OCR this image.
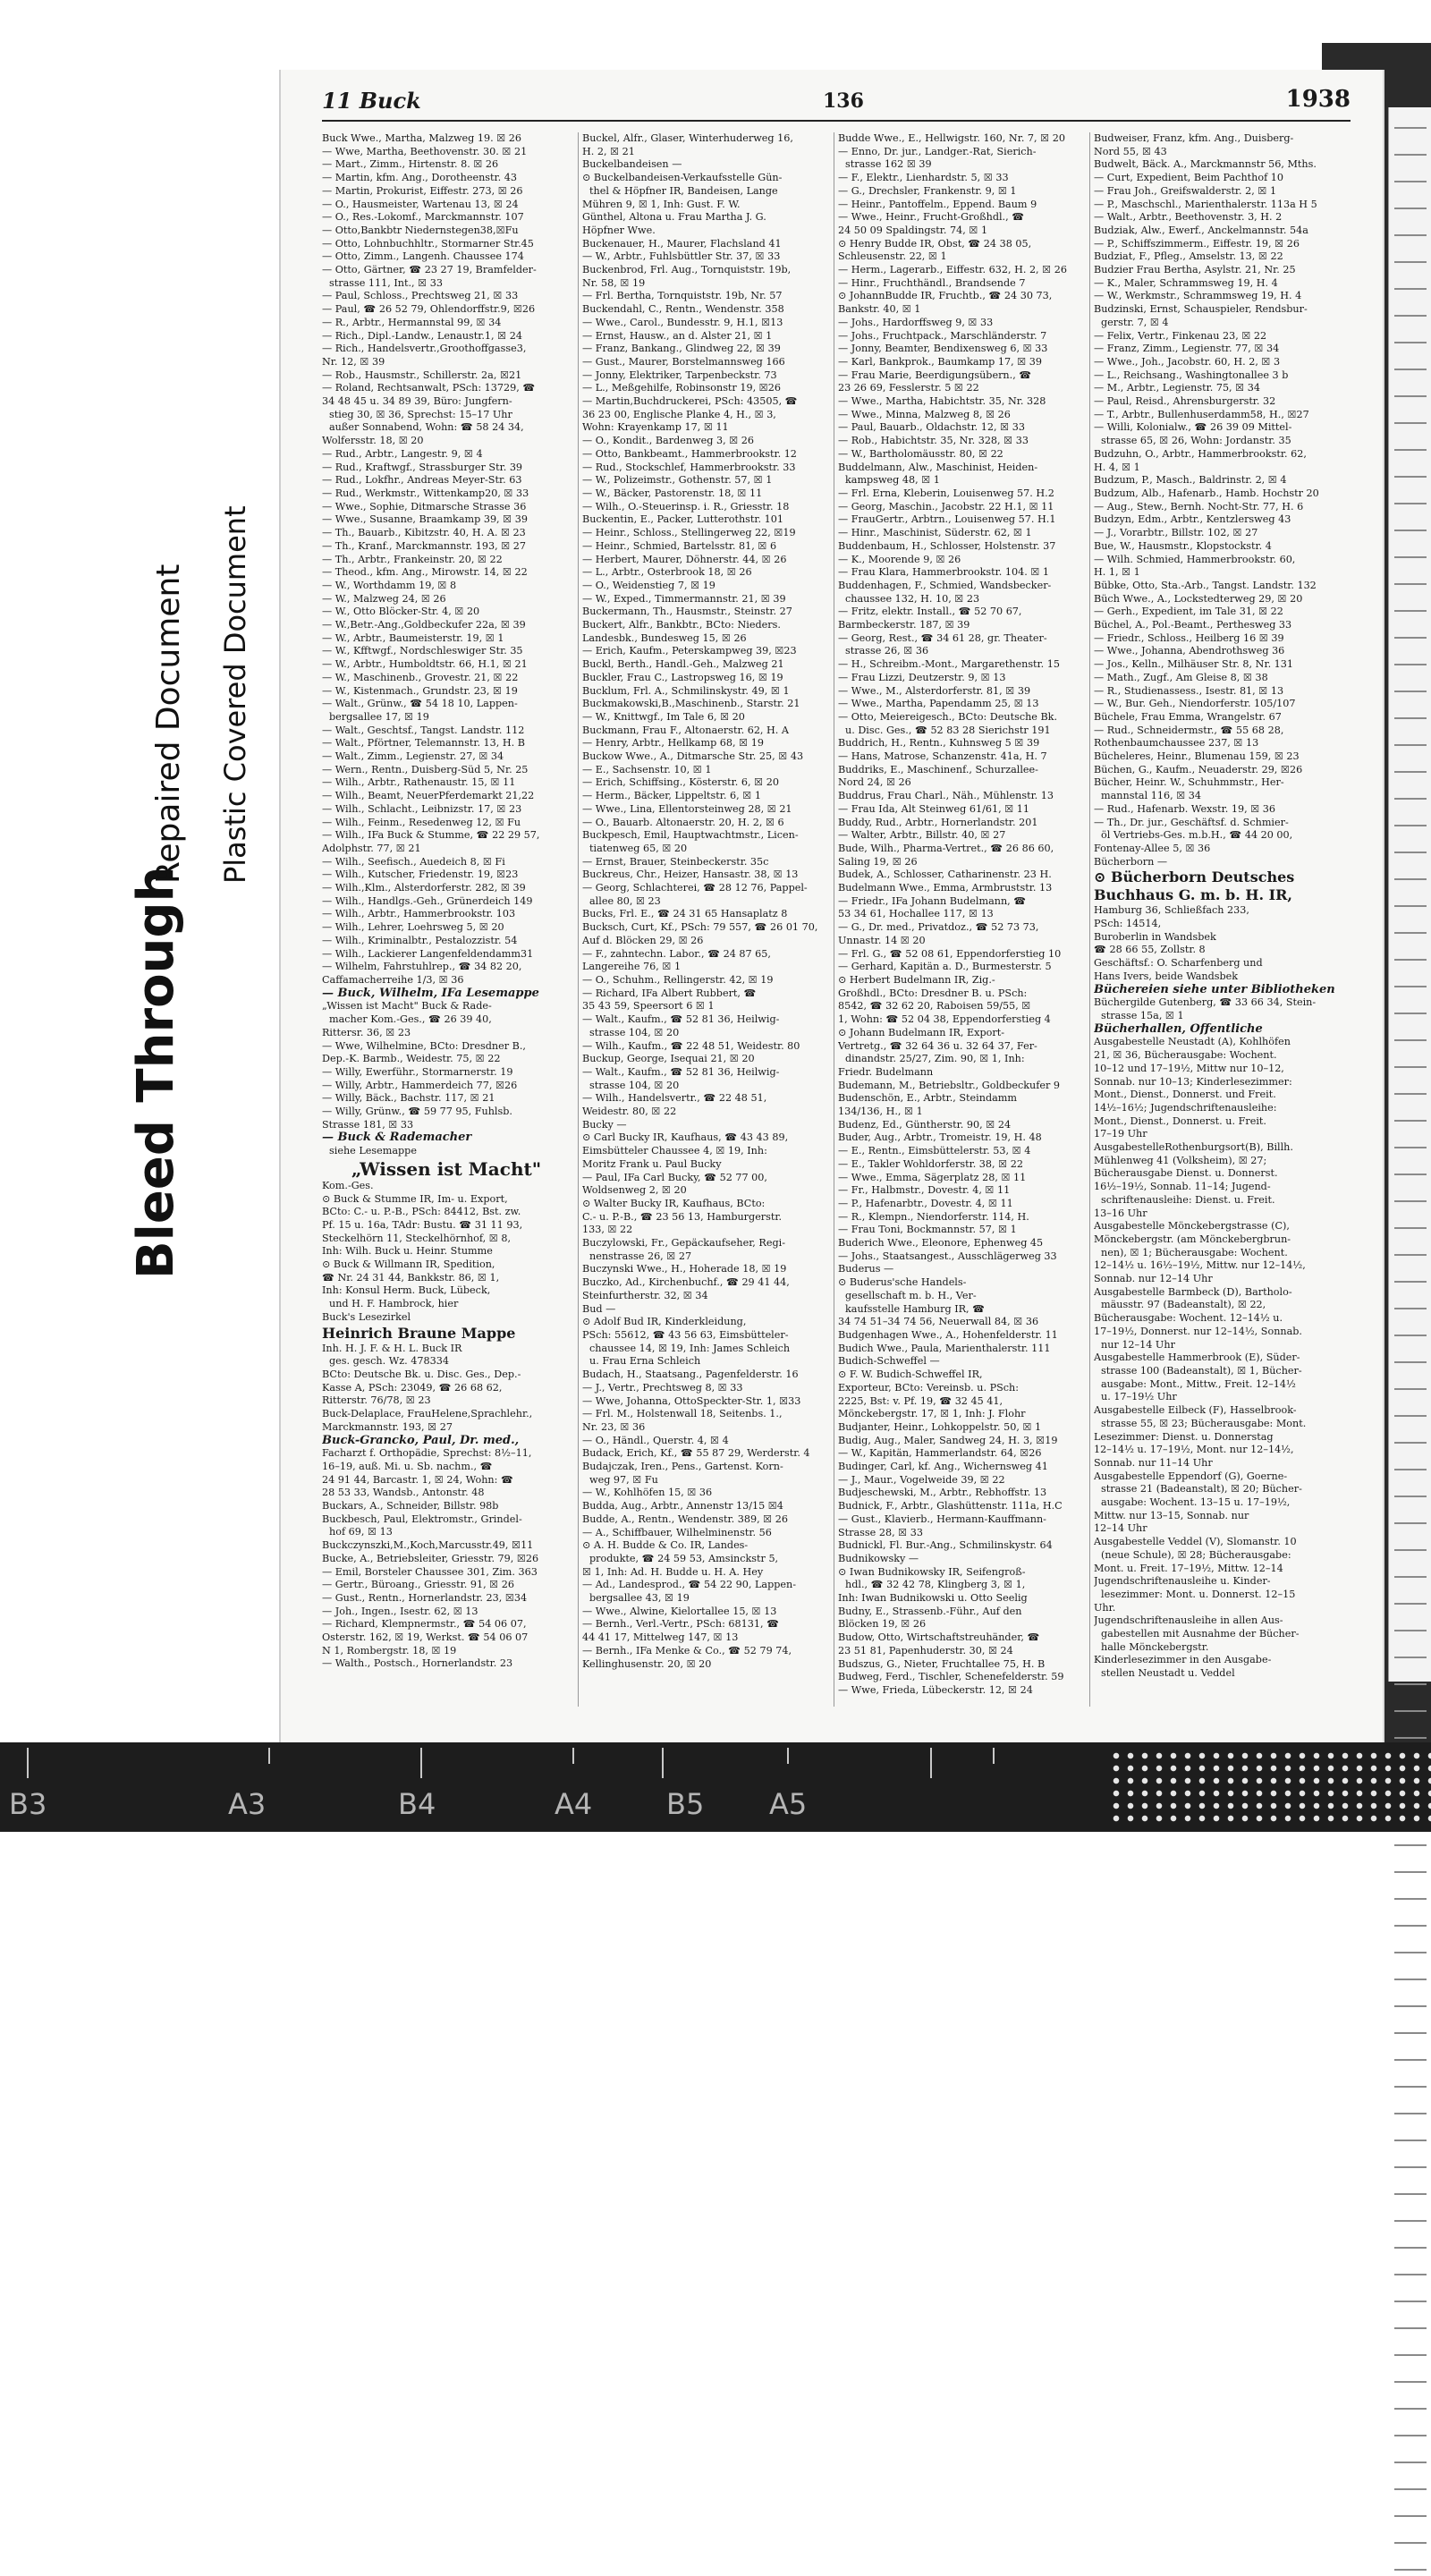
Bleed Through
Repaired Document Plastic Covered Document
11 Buck	136	1938
Buck Wwe., Martha, Malzweg 19. ☒ 26
— Wwe, Martha, Beethovenstr. 30. ☒ 21
— Mart., Zimm., Hirtenstr. 8. ☒ 26
— Martin, kfm. Ang., Dorotheenstr. 43
— Martin, Prokurist, Eiffestr. 273, ☒ 26
— O., Hausmeister, Wartenau 13, ☒ 24
— O., Res.-Lokomf., Marckmannstr. 107
— Otto,Bankbtr Niedernstegen38,☒Fu
— Otto, Lohnbuchhltr., Stormarner Str.45
— Otto, Zimm., Langenh. Chaussee 174
— Otto, Gärtner, ☎ 23 27 19, Bramfelder-
strasse 111, Int., ☒ 33
— Paul, Schloss., Prechtsweg 21, ☒ 33
— Paul, ☎ 26 52 79, Ohlendorffstr.9, ☒26
— R., Arbtr., Hermannstal 99, ☒ 34
— Rich., Dipl.-Landw., Lenaustr.1, ☒ 24
— Rich., Handelsvertr.,Groothoffgasse3,
Nr. 12, ☒ 39
— Rob., Hausmstr., Schillerstr. 2a, ☒21
— Roland, Rechtsanwalt, PSch: 13729, ☎
34 48 45 u. 34 89 39, Büro: Jungfern-
stieg 30, ☒ 36, Sprechst: 15–17 Uhr
außer Sonnabend, Wohn: ☎ 58 24 34,
Wolfersstr. 18, ☒ 20
— Rud., Arbtr., Langestr. 9, ☒ 4
— Rud., Kraftwgf., Strassburger Str. 39
— Rud., Lokfhr., Andreas Meyer-Str. 63
— Rud., Werkmstr., Wittenkamp20, ☒ 33
— Wwe., Sophie, Ditmarsche Strasse 36
— Wwe., Susanne, Braamkamp 39, ☒ 39
— Th., Bauarb., Kibitzstr. 40, H. A. ☒ 23
— Th., Kranf., Marckmannstr. 193, ☒ 27
— Th., Arbtr., Frankeinstr. 20, ☒ 22
— Theod., kfm. Ang., Mirowstr. 14, ☒ 22
— W., Worthdamm 19, ☒ 8
— W., Malzweg 24, ☒ 26
— W., Otto Blöcker-Str. 4, ☒ 20
— W.,Betr.-Ang.,Goldbeckufer 22a, ☒ 39
— W., Arbtr., Baumeisterstr. 19, ☒ 1
— W., Kfftwgf., Nordschleswiger Str. 35
— W., Arbtr., Humboldtstr. 66, H.1, ☒ 21
— W., Maschinenb., Grovestr. 21, ☒ 22
— W., Kistenmach., Grundstr. 23, ☒ 19
— Walt., Grünw., ☎ 54 18 10, Lappen-
bergsallee 17, ☒ 19
— Walt., Geschtsf., Tangst. Landstr. 112
— Walt., Pförtner, Telemannstr. 13, H. B
— Walt., Zimm., Legienstr. 27, ☒ 34
— Wern., Rentn., Duisberg-Süd 5, Nr. 25
— Wilh., Arbtr., Rathenaustr. 15, ☒ 11
— Wilh., Beamt, NeuerPferdemarkt 21,22
— Wilh., Schlacht., Leibnizstr. 17, ☒ 23
— Wilh., Feinm., Resedenweg 12, ☒ Fu
— Wilh., IFa Buck & Stumme, ☎ 22 29 57,
Adolphstr. 77, ☒ 21
— Wilh., Seefisch., Auedeich 8, ☒ Fi
— Wilh., Kutscher, Friedenstr. 19, ☒23
— Wilh.,Klm., Alsterdorferstr. 282, ☒ 39
— Wilh., Handlgs.-Geh., Grünerdeich 149
— Wilh., Arbtr., Hammerbrookstr. 103
— Wilh., Lehrer, Loehrsweg 5, ☒ 20
— Wilh., Kriminalbtr., Pestalozzistr. 54
— Wilh., Lackierer Langenfeldendamm31
— Wilhelm, Fahrstuhlrep., ☎ 34 82 20,
Caffamacherreihe 1/3, ☒ 36
— Buck, Wilhelm, IFa Lesemappe
„Wissen ist Macht" Buck & Rade-
macher Kom.-Ges., ☎ 26 39 40,
Rittersr. 36, ☒ 23
— Wwe, Wilhelmine, BCto: Dresdner B.,
Dep.-K. Barmb., Weidestr. 75, ☒ 22
— Willy, Ewerführ., Stormarnerstr. 19
— Willy, Arbtr., Hammerdeich 77, ☒26
— Willy, Bäck., Bachstr. 117, ☒ 21
— Willy, Grünw., ☎ 59 77 95, Fuhlsb.
Strasse 181, ☒ 33
— Buck & Rademacher
siehe Lesemappe
„Wissen ist Macht"
Kom.-Ges.
⊙ Buck & Stumme IR, Im- u. Export,
BCto: C.- u. P.-B., PSch: 84412, Bst. zw.
Pf. 15 u. 16a, TAdr: Bustu. ☎ 31 11 93,
Steckelhörn 11, Steckelhörnhof, ☒ 8,
Inh: Wilh. Buck u. Heinr. Stumme
⊙ Buck & Willmann IR, Spedition,
☎ Nr. 24 31 44, Bankkstr. 86, ☒ 1,
Inh: Konsul Herm. Buck, Lübeck,
und H. F. Hambrock, hier
Buck's Lesezirkel
Heinrich Braune Mappe
Inh. H. J. F. & H. L. Buck IR
ges. gesch. Wz. 478334
BCto: Deutsche Bk. u. Disc. Ges., Dep.-
Kasse A, PSch: 23049, ☎ 26 68 62,
Ritterstr. 76/78, ☒ 23
Buck-Delaplace, FrauHelene,Sprachlehr.,
Marckmannstr. 193, ☒ 27
Buck-Grancko, Paul, Dr. med.,
Facharzt f. Orthopädie, Sprechst: 8½–11,
16–19, auß. Mi. u. Sb. nachm., ☎
24 91 44, Barcastr. 1, ☒ 24, Wohn: ☎
28 53 33, Wandsb., Antonstr. 48
Buckars, A., Schneider, Billstr. 98b
Buckbesch, Paul, Elektromstr., Grindel-
hof 69, ☒ 13
Buckczynszki,M.,Koch,Marcusstr.49, ☒11
Bucke, A., Betriebsleiter, Griesstr. 79, ☒26
— Emil, Borsteler Chaussee 301, Zim. 363
— Gertr., Büroang., Griesstr. 91, ☒ 26
— Gust., Rentn., Hornerlandstr. 23, ☒34
— Joh., Ingen., Isestr. 62, ☒ 13
— Richard, Klempnermstr., ☎ 54 06 07,
Osterstr. 162, ☒ 19, Werkst. ☎ 54 06 07
N 1, Rombergstr. 18, ☒ 19
— Walth., Postsch., Hornerlandstr. 23
Buckel, Alfr., Glaser, Winterhuderweg 16,
H. 2, ☒ 21
Buckelbandeisen —
⊙ Buckelbandeisen-Verkaufsstelle Gün-
thel & Höpfner IR, Bandeisen, Lange
Mühren 9, ☒ 1, Inh: Gust. F. W.
Günthel, Altona u. Frau Martha J. G.
Höpfner Wwe.
Buckenauer, H., Maurer, Flachsland 41
— W., Arbtr., Fuhlsbüttler Str. 37, ☒ 33
Buckenbrod, Frl. Aug., Tornquiststr. 19b,
Nr. 58, ☒ 19
— Frl. Bertha, Tornquiststr. 19b, Nr. 57
Buckendahl, C., Rentn., Wendenstr. 358
— Wwe., Carol., Bundesstr. 9, H.1, ☒13
— Ernst, Hausw., an d. Alster 21, ☒ 1
— Franz, Bankang., Glindweg 22, ☒ 39
— Gust., Maurer, Borstelmannsweg 166
— Jonny, Elektriker, Tarpenbeckstr. 73
— L., Meßgehilfe, Robinsonstr 19, ☒26
— Martin,Buchdruckerei, PSch: 43505, ☎
36 23 00, Englische Planke 4, H., ☒ 3,
Wohn: Krayenkamp 17, ☒ 11
— O., Kondit., Bardenweg 3, ☒ 26
— Otto, Bankbeamt., Hammerbrookstr. 12
— Rud., Stockschlef, Hammerbrookstr. 33
— W., Polizeimstr., Gothenstr. 57, ☒ 1
— W., Bäcker, Pastorenstr. 18, ☒ 11
— Wilh., O.-Steuerinsp. i. R., Griesstr. 18
Buckentin, E., Packer, Lutterothstr. 101
— Heinr., Schloss., Stellingerweg 22, ☒19
— Heinr., Schmied, Bartelsstr. 81, ☒ 6
— Herbert, Maurer, Döhnerstr. 44, ☒ 26
— L., Arbtr., Osterbrook 18, ☒ 26
— O., Weidenstieg 7, ☒ 19
— W., Exped., Timmermannstr. 21, ☒ 39
Buckermann, Th., Hausmstr., Steinstr. 27
Buckert, Alfr., Bankbtr., BCto: Nieders.
Landesbk., Bundesweg 15, ☒ 26
— Erich, Kaufm., Peterskampweg 39, ☒23
Buckl, Berth., Handl.-Geh., Malzweg 21
Buckler, Frau C., Lastropsweg 16, ☒ 19
Bucklum, Frl. A., Schmilinskystr. 49, ☒ 1
Buckmakowski,B.,Maschinenb., Starstr. 21
— W., Knittwgf., Im Tale 6, ☒ 20
Buckmann, Frau F., Altonaerstr. 62, H. A
— Henry, Arbtr., Hellkamp 68, ☒ 19
Buckow Wwe., A., Ditmarsche Str. 25, ☒ 43
— E., Sachsenstr. 10, ☒ 1
— Erich, Schiffsing., Kösterstr. 6, ☒ 20
— Herm., Bäcker, Lippeltstr. 6, ☒ 1
— Wwe., Lina, Ellentorsteinweg 28, ☒ 21
— O., Bauarb. Altonaerstr. 20, H. 2, ☒ 6
Buckpesch, Emil, Hauptwachtmstr., Licen-
tiatenweg 65, ☒ 20
— Ernst, Brauer, Steinbeckerstr. 35c
Buckreus, Chr., Heizer, Hansastr. 38, ☒ 13
— Georg, Schlachterei, ☎ 28 12 76, Pappel-
allee 80, ☒ 23
Bucks, Frl. E., ☎ 24 31 65 Hansaplatz 8
Bucksch, Curt, Kf., PSch: 79 557, ☎ 26 01 70,
Auf d. Blöcken 29, ☒ 26
— F., zahntechn. Labor., ☎ 24 87 65,
Langereihe 76, ☒ 1
— O., Schuhm., Rellingerstr. 42, ☒ 19
— Richard, IFa Albert Rubbert, ☎
35 43 59, Speersort 6 ☒ 1
— Walt., Kaufm., ☎ 52 81 36, Heilwig-
strasse 104, ☒ 20
— Wilh., Kaufm., ☎ 22 48 51, Weidestr. 80
Buckup, George, Isequai 21, ☒ 20
— Walt., Kaufm., ☎ 52 81 36, Heilwig-
strasse 104, ☒ 20
— Wilh., Handelsvertr., ☎ 22 48 51,
Weidestr. 80, ☒ 22
Bucky —
⊙ Carl Bucky IR, Kaufhaus, ☎ 43 43 89,
Eimsbütteler Chaussee 4, ☒ 19, Inh:
Moritz Frank u. Paul Bucky
— Paul, IFa Carl Bucky, ☎ 52 77 00,
Woldsenweg 2, ☒ 20
⊙ Walter Bucky IR, Kaufhaus, BCto:
C.- u. P.-B., ☎ 23 56 13, Hamburgerstr.
133, ☒ 22
Buczylowski, Fr., Gepäckaufseher, Regi-
nenstrasse 26, ☒ 27
Buczynski Wwe., H., Hoherade 18, ☒ 19
Buczko, Ad., Kirchenbuchf., ☎ 29 41 44,
Steinfurtherstr. 32, ☒ 34
Bud —
⊙ Adolf Bud IR, Kinderkleidung,
PSch: 55612, ☎ 43 56 63, Eimsbütteler-
chaussee 14, ☒ 19, Inh: James Schleich
u. Frau Erna Schleich
Budach, H., Staatsang., Pagenfelderstr. 16
— J., Vertr., Prechtsweg 8, ☒ 33
— Wwe, Johanna, OttoSpeckter-Str. 1, ☒33
— Frl. M., Holstenwall 18, Seitenbs. 1.,
Nr. 23, ☒ 36
— O., Händl., Querstr. 4, ☒ 4
Budack, Erich, Kf., ☎ 55 87 29, Werderstr. 4
Budajczak, Iren., Pens., Gartenst. Korn-
weg 97, ☒ Fu
— W., Kohlhöfen 15, ☒ 36
Budda, Aug., Arbtr., Annenstr 13/15 ☒4
Budde, A., Rentn., Wendenstr. 389, ☒ 26
— A., Schiffbauer, Wilhelminenstr. 56
⊙ A. H. Budde & Co. IR, Landes-
produkte, ☎ 24 59 53, Amsinckstr 5,
☒ 1, Inh: Ad. H. Budde u. H. A. Hey
— Ad., Landesprod., ☎ 54 22 90, Lappen-
bergsallee 43, ☒ 19
— Wwe., Alwine, Kielortallee 15, ☒ 13
— Bernh., Verl.-Vertr., PSch: 68131, ☎
44 41 17, Mittelweg 147, ☒ 13
— Bernh., IFa Menke & Co., ☎ 52 79 74,
Kellinghusenstr. 20, ☒ 20
Budde Wwe., E., Hellwigstr. 160, Nr. 7, ☒ 20
— Enno, Dr. jur., Landger.-Rat, Sierich-
strasse 162 ☒ 39
— F., Elektr., Lienhardstr. 5, ☒ 33
— G., Drechsler, Frankenstr. 9, ☒ 1
— Heinr., Pantoffelm., Eppend. Baum 9
— Wwe., Heinr., Frucht-Großhdl., ☎
24 50 09 Spaldingstr. 74, ☒ 1
⊙ Henry Budde IR, Obst, ☎ 24 38 05,
Schleusenstr. 22, ☒ 1
— Herm., Lagerarb., Eiffestr. 632, H. 2, ☒ 26
— Hinr., Fruchthändl., Brandsende 7
⊙ JohannBudde IR, Fruchtb., ☎ 24 30 73,
Bankstr. 40, ☒ 1
— Johs., Hardorffsweg 9, ☒ 33
— Johs., Fruchtpack., Marschländerstr. 7
— Jonny, Beamter, Bendixensweg 6, ☒ 33
— Karl, Bankprok., Baumkamp 17, ☒ 39
— Frau Marie, Beerdigungsübern., ☎
23 26 69, Fesslerstr. 5 ☒ 22
— Wwe., Martha, Habichtstr. 35, Nr. 328
— Wwe., Minna, Malzweg 8, ☒ 26
— Paul, Bauarb., Oldachstr. 12, ☒ 33
— Rob., Habichtstr. 35, Nr. 328, ☒ 33
— W., Bartholomäusstr. 80, ☒ 22
Buddelmann, Alw., Maschinist, Heiden-
kampsweg 48, ☒ 1
— Frl. Erna, Kleberin, Louisenweg 57. H.2
— Georg, Maschin., Jacobstr. 22 H.1, ☒ 11
— FrauGertr., Arbtrn., Louisenweg 57. H.1
— Hinr., Maschinist, Süderstr. 62, ☒ 1
Buddenbaum, H., Schlosser, Holstenstr. 37
— K., Moorende 9, ☒ 26
— Frau Klara, Hammerbrookstr. 104. ☒ 1
Buddenhagen, F., Schmied, Wandsbecker-
chaussee 132, H. 10, ☒ 23
— Fritz, elektr. Install., ☎ 52 70 67,
Barmbeckerstr. 187, ☒ 39
— Georg, Rest., ☎ 34 61 28, gr. Theater-
strasse 26, ☒ 36
— H., Schreibm.-Mont., Margarethenstr. 15
— Frau Lizzi, Deutzerstr. 9, ☒ 13
— Wwe., M., Alsterdorferstr. 81, ☒ 39
— Wwe., Martha, Papendamm 25, ☒ 13
— Otto, Meiereigesch., BCto: Deutsche Bk.
u. Disc. Ges., ☎ 52 83 28 Sierichstr 191
Buddrich, H., Rentn., Kuhnsweg 5 ☒ 39
— Hans, Matrose, Schanzenstr. 41a, H. 7
Buddriks, E., Maschinenf., Schurzallee-
Nord 24, ☒ 26
Buddrus, Frau Charl., Näh., Mühlenstr. 13
— Frau Ida, Alt Steinweg 61/61, ☒ 11
Buddy, Rud., Arbtr., Hornerlandstr. 201
— Walter, Arbtr., Billstr. 40, ☒ 27
Bude, Wilh., Pharma-Vertret., ☎ 26 86 60,
Saling 19, ☒ 26
Budek, A., Schlosser, Catharinenstr. 23 H.
Budelmann Wwe., Emma, Armbruststr. 13
— Friedr., IFa Johann Budelmann, ☎
53 34 61, Hochallee 117, ☒ 13
— G., Dr. med., Privatdoz., ☎ 52 73 73,
Unnastr. 14 ☒ 20
— Frl. G., ☎ 52 08 61, Eppendorferstieg 10
— Gerhard, Kapitän a. D., Burmesterstr. 5
⊙ Herbert Budelmann IR, Zig.-
Großhdl., BCto: Dresdner B. u. PSch:
8542, ☎ 32 62 20, Raboisen 59/55, ☒
1, Wohn: ☎ 52 04 38, Eppendorferstieg 4
⊙ Johann Budelmann IR, Export-
Vertretg., ☎ 32 64 36 u. 32 64 37, Fer-
dinandstr. 25/27, Zim. 90, ☒ 1, Inh:
Friedr. Budelmann
Budemann, M., Betriebsltr., Goldbeckufer 9
Budenschön, E., Arbtr., Steindamm
134/136, H., ☒ 1
Budenz, Ed., Güntherstr. 90, ☒ 24
Buder, Aug., Arbtr., Tromeistr. 19, H. 48
— E., Rentn., Eimsbüttelerstr. 53, ☒ 4
— E., Takler Wohldorferstr. 38, ☒ 22
— Wwe., Emma, Sägerplatz 28, ☒ 11
— Fr., Halbmstr., Dovestr. 4, ☒ 11
— P., Hafenarbtr., Dovestr. 4, ☒ 11
— R., Klempn., Niendorferstr. 114, H.
— Frau Toni, Bockmannstr. 57, ☒ 1
Buderich Wwe., Eleonore, Ephenweg 45
— Johs., Staatsangest., Ausschlägerweg 33
Buderus —
⊙ Buderus'sche Handels-
gesellschaft m. b. H., Ver-
kaufsstelle Hamburg IR, ☎
34 74 51–34 74 56, Neuerwall 84, ☒ 36
Budgenhagen Wwe., A., Hohenfelderstr. 11
Budich Wwe., Paula, Marienthalerstr. 111
Budich-Schweffel —
⊙ F. W. Budich-Schweffel IR,
Exporteur, BCto: Vereinsb. u. PSch:
2225, Bst: v. Pf. 19, ☎ 32 45 41,
Mönckebergstr. 17, ☒ 1, Inh: J. Flohr
Budjanter, Heinr., Lohkoppelstr. 50, ☒ 1
Budig, Aug., Maler, Sandweg 24, H. 3, ☒19
— W., Kapitän, Hammerlandstr. 64, ☒26
Budinger, Carl, kf. Ang., Wichernsweg 41
— J., Maur., Vogelweide 39, ☒ 22
Budjeschewski, M., Arbtr., Rebhoffstr. 13
Budnick, F., Arbtr., Glashüttenstr. 111a, H.C
— Gust., Klavierb., Hermann-Kauffmann-
Strasse 28, ☒ 33
Budnickl, Fl. Bur.-Ang., Schmilinskystr. 64
Budnikowsky —
⊙ Iwan Budnikowsky IR, Seifengroß-
hdl., ☎ 32 42 78, Klingberg 3, ☒ 1,
Inh: Iwan Budnikowski u. Otto Seelig
Budny, E., Strassenb.-Führ., Auf den
Blöcken 19, ☒ 26
Budow, Otto, Wirtschaftstreuhänder, ☎
23 51 81, Papenhuderstr. 30, ☒ 24
Budszus, G., Nieter, Fruchtallee 75, H. B
Budweg, Ferd., Tischler, Schenefelderstr. 59
— Wwe, Frieda, Lübeckerstr. 12, ☒ 24
Budweiser, Franz, kfm. Ang., Duisberg-
Nord 55, ☒ 43
Budwelt, Bäck. A., Marckmannstr 56, Mths.
— Curt, Expedient, Beim Pachthof 10
— Frau Joh., Greifswalderstr. 2, ☒ 1
— P., Maschschl., Marienthalerstr. 113a H 5
— Walt., Arbtr., Beethovenstr. 3, H. 2
Budziak, Alw., Ewerf., Anckelmannstr. 54a
— P., Schiffszimmerm., Eiffestr. 19, ☒ 26
Budziat, F., Pfleg., Amselstr. 13, ☒ 22
Budzier Frau Bertha, Asylstr. 21, Nr. 25
— K., Maler, Schrammsweg 19, H. 4
— W., Werkmstr., Schrammsweg 19, H. 4
Budzinski, Ernst, Schauspieler, Rendsbur-
gerstr. 7, ☒ 4
— Felix, Vertr., Finkenau 23, ☒ 22
— Franz, Zimm., Legienstr. 77, ☒ 34
— Wwe., Joh., Jacobstr. 60, H. 2, ☒ 3
— L., Reichsang., Washingtonallee 3 b
— M., Arbtr., Legienstr. 75, ☒ 34
— Paul, Reisd., Ahrensburgerstr. 32
— T., Arbtr., Bullenhuserdamm58, H., ☒27
— Willi, Kolonialw., ☎ 26 39 09 Mittel-
strasse 65, ☒ 26, Wohn: Jordanstr. 35
Budzuhn, O., Arbtr., Hammerbrookstr. 62,
H. 4, ☒ 1
Budzum, P., Masch., Baldrinstr. 2, ☒ 4
Budzum, Alb., Hafenarb., Hamb. Hochstr 20
— Aug., Stew., Bernh. Nocht-Str. 77, H. 6
Budzyn, Edm., Arbtr., Kentzlersweg 43
— J., Vorarbtr., Billstr. 102, ☒ 27
Bue, W., Hausmstr., Klopstockstr. 4
— Wilh. Schmied, Hammerbrookstr. 60,
H. 1, ☒ 1
Bübke, Otto, Sta.-Arb., Tangst. Landstr. 132
Büch Wwe., A., Lockstedterweg 29, ☒ 20
— Gerh., Expedient, im Tale 31, ☒ 22
Büchel, A., Pol.-Beamt., Perthesweg 33
— Friedr., Schloss., Heilberg 16 ☒ 39
— Wwe., Johanna, Abendrothsweg 36
— Jos., Kelln., Milhäuser Str. 8, Nr. 131
— Math., Zugf., Am Gleise 8, ☒ 38
— R., Studienassess., Isestr. 81, ☒ 13
— W., Bur. Geh., Niendorferstr. 105/107
Büchele, Frau Emma, Wrangelstr. 67
— Rud., Schneidermstr., ☎ 55 68 28,
Rothenbaumchaussee 237, ☒ 13
Bücheleres, Heinr., Blumenau 159, ☒ 23
Büchen, G., Kaufm., Neuaderstr. 29, ☒26
Bücher, Heinr. W., Schuhmmstr., Her-
mannstal 116, ☒ 34
— Rud., Hafenarb. Wexstr. 19, ☒ 36
— Th., Dr. jur., Geschäftsf. d. Schmier-
öl Vertriebs-Ges. m.b.H., ☎ 44 20 00,
Fontenay-Allee 5, ☒ 36
Bücherborn —
⊙ Bücherborn Deutsches
Buchhaus G. m. b. H. IR,
Hamburg 36, Schließfach 233,
PSch: 14514,
Buroberlin in Wandsbek
☎ 28 66 55, Zollstr. 8
Geschäftsf.: O. Scharfenberg und
Hans Ivers, beide Wandsbek
Büchereien siehe unter Bibliotheken
Büchergilde Gutenberg, ☎ 33 66 34, Stein-
strasse 15a, ☒ 1
Bücherhallen, Öffentliche
Ausgabestelle Neustadt (A), Kohlhöfen
21, ☒ 36, Bücherausgabe: Wochent.
10–12 und 17–19½, Mittw nur 10–12,
Sonnab. nur 10–13; Kinderlesezimmer:
Mont., Dienst., Donnerst. und Freit.
14½–16½; Jugendschriftenausleihe:
Mont., Dienst., Donnerst. u. Freit.
17–19 Uhr
AusgabestelleRothenburgsort(B), Billh.
Mühlenweg 41 (Volksheim), ☒ 27;
Bücherausgabe Dienst. u. Donnerst.
16½–19½, Sonnab. 11–14; Jugend-
schriftenausleihe: Dienst. u. Freit.
13–16 Uhr
Ausgabestelle Mönckebergstrasse (C),
Mönckebergstr. (am Mönckebergbrun-
nen), ☒ 1; Bücherausgabe: Wochent.
12–14½ u. 16½–19½, Mittw. nur 12–14½,
Sonnab. nur 12–14 Uhr
Ausgabestelle Barmbeck (D), Bartholo-
mäusstr. 97 (Badeanstalt), ☒ 22,
Bücherausgabe: Wochent. 12–14½ u.
17–19½, Donnerst. nur 12–14½, Sonnab.
nur 12–14 Uhr
Ausgabestelle Hammerbrook (E), Süder-
strasse 100 (Badeanstalt), ☒ 1, Bücher-
ausgabe: Mont., Mittw., Freit. 12–14½
u. 17–19½ Uhr
Ausgabestelle Eilbeck (F), Hasselbrook-
strasse 55, ☒ 23; Bücherausgabe: Mont.
Lesezimmer: Dienst. u. Donnerstag
12–14½ u. 17–19½, Mont. nur 12–14½,
Sonnab. nur 11–14 Uhr
Ausgabestelle Eppendorf (G), Goerne-
strasse 21 (Badeanstalt), ☒ 20; Bücher-
ausgabe: Wochent. 13–15 u. 17–19½,
Mittw. nur 13–15, Sonnab. nur
12–14 Uhr
Ausgabestelle Veddel (V), Slomanstr. 10
(neue Schule), ☒ 28; Bücherausgabe:
Mont. u. Freit. 17–19½, Mittw. 12–14
Jugendschriftenausleihe u. Kinder-
lesezimmer: Mont. u. Donnerst. 12–15
Uhr.
Jugendschriftenausleihe in allen Aus-
gabestellen mit Ausnahme der Bücher-
halle Mönckebergstr.
Kinderlesezimmer in den Ausgabe-
stellen Neustadt u. Veddel
B3	A3	B4	A4	B5 A5
